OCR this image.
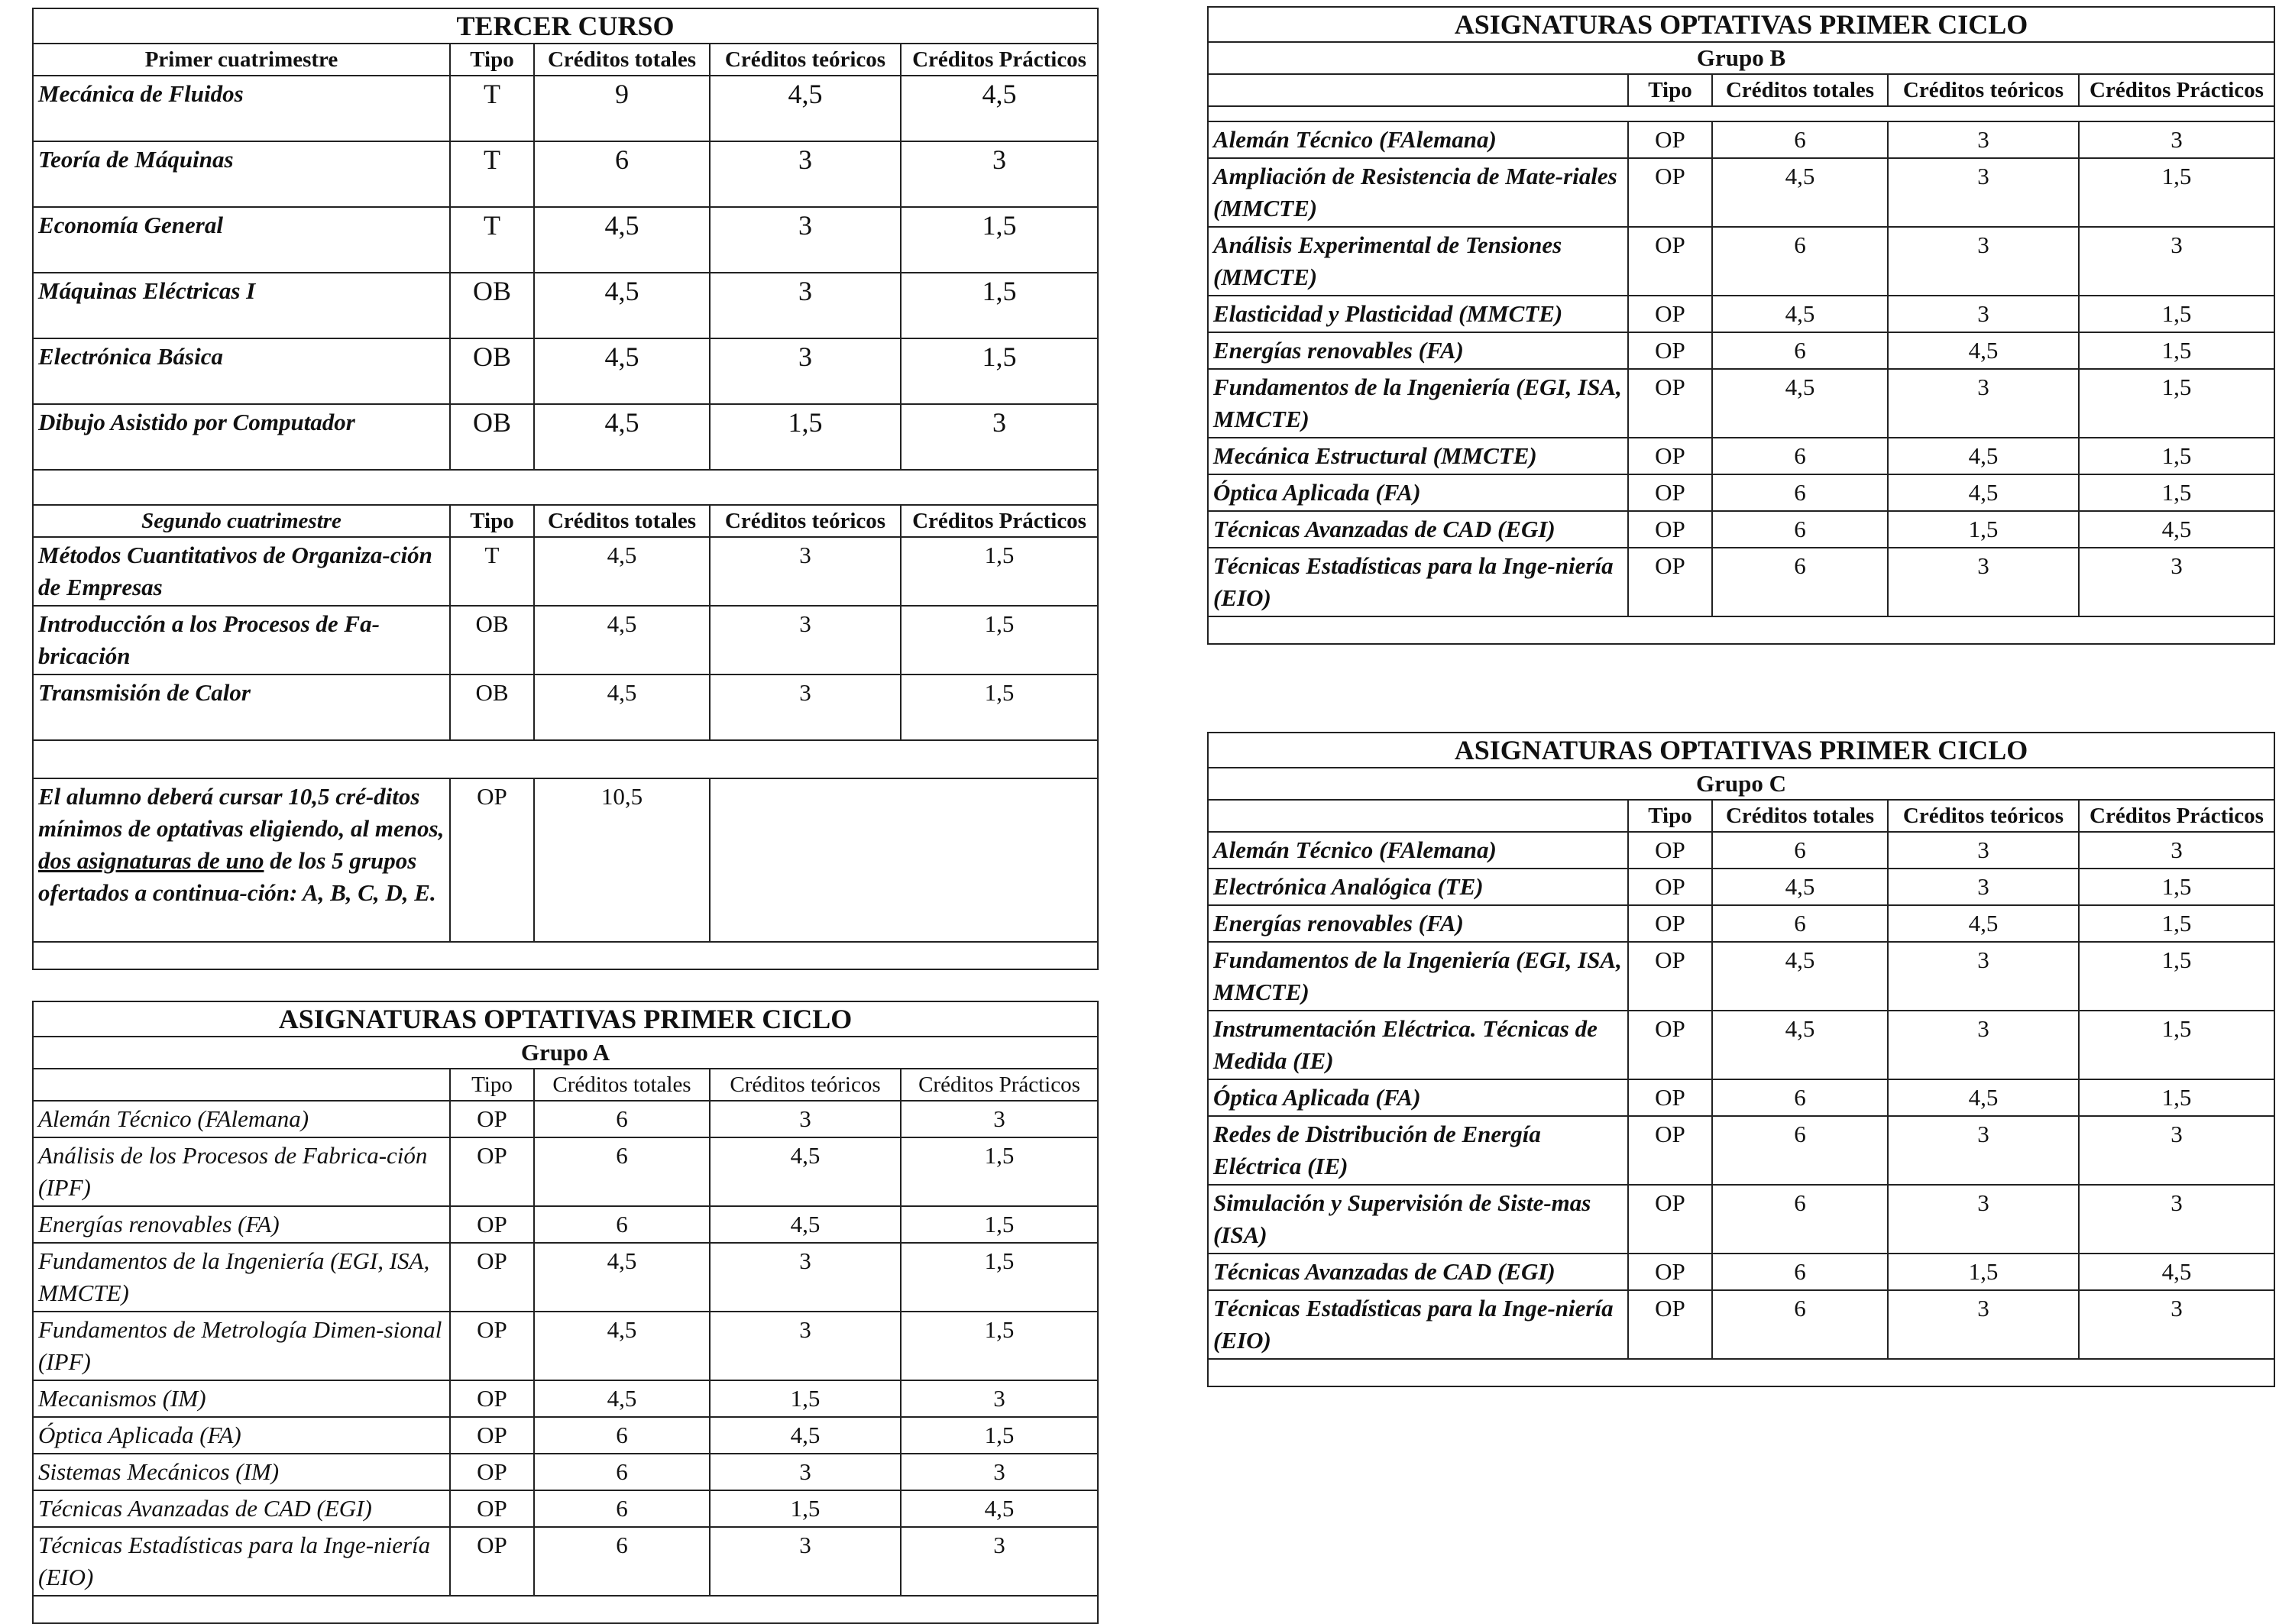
TERCER CURSO				
Primer cuatrimestre	Tipo	Créditos totales	Créditos teóricos	Créditos Prácticos
Mecánica de Fluidos	T	9	4,5	4,5
Teoría de Máquinas	T	6	3	3
Economía General	T	4,5	3	1,5
Máquinas Eléctricas I	OB	4,5	3	1,5
Electrónica Básica	OB	4,5	3	1,5
Dibujo Asistido por Computador	OB	4,5	1,5	3

Segundo cuatrimestre	Tipo	Créditos totales	Créditos teóricos	Créditos Prácticos
Métodos Cuantitativos de Organiza-ción de Empresas	T	4,5	3	1,5
Introducción a los Procesos de Fa-bricación	OB	4,5	3	1,5
Transmisión de Calor	OB	4,5	3	1,5

El alumno deberá cursar 10,5 cré-ditos mínimos de optativas eligiendo, al menos, dos asignaturas de uno de los 5 grupos ofertados a continua-ción: A, B, C, D, E.	OP	10,5		

ASIGNATURAS OPTATIVAS PRIMER CICLO				
Grupo A				
	Tipo	Créditos totales	Créditos teóricos	Créditos Prácticos
Alemán Técnico (FAlemana)	OP	6	3	3
Análisis de los Procesos de Fabrica-ción (IPF)	OP	6	4,5	1,5
Energías renovables (FA)	OP	6	4,5	1,5
Fundamentos de la Ingeniería (EGI, ISA, MMCTE)	OP	4,5	3	1,5
Fundamentos de Metrología Dimen-sional (IPF)	OP	4,5	3	1,5
Mecanismos (IM)	OP	4,5	1,5	3
Óptica Aplicada (FA)	OP	6	4,5	1,5
Sistemas Mecánicos (IM)	OP	6	3	3
Técnicas Avanzadas de CAD (EGI)	OP	6	1,5	4,5
Técnicas Estadísticas para la Inge-niería (EIO)	OP	6	3	3

ASIGNATURAS OPTATIVAS PRIMER CICLO				
Grupo B				
	Tipo	Créditos totales	Créditos teóricos	Créditos Prácticos

Alemán Técnico (FAlemana)	OP	6	3	3
Ampliación de Resistencia de Mate-riales (MMCTE)	OP	4,5	3	1,5
Análisis Experimental de Tensiones (MMCTE)	OP	6	3	3
Elasticidad y Plasticidad (MMCTE)	OP	4,5	3	1,5
Energías renovables (FA)	OP	6	4,5	1,5
Fundamentos de la Ingeniería (EGI, ISA, MMCTE)	OP	4,5	3	1,5
Mecánica Estructural (MMCTE)	OP	6	4,5	1,5
Óptica Aplicada (FA)	OP	6	4,5	1,5
Técnicas Avanzadas de CAD (EGI)	OP	6	1,5	4,5
Técnicas Estadísticas para la Inge-niería (EIO)	OP	6	3	3

ASIGNATURAS OPTATIVAS PRIMER CICLO				
Grupo C				
	Tipo	Créditos totales	Créditos teóricos	Créditos Prácticos
Alemán Técnico (FAlemana)	OP	6	3	3
Electrónica Analógica (TE)	OP	4,5	3	1,5
Energías renovables (FA)	OP	6	4,5	1,5
Fundamentos de la Ingeniería (EGI, ISA, MMCTE)	OP	4,5	3	1,5
Instrumentación Eléctrica. Técnicas de Medida (IE)	OP	4,5	3	1,5
Óptica Aplicada (FA)	OP	6	4,5	1,5
Redes de Distribución de Energía Eléctrica (IE)	OP	6	3	3
Simulación y Supervisión de Siste-mas (ISA)	OP	6	3	3
Técnicas Avanzadas de CAD (EGI)	OP	6	1,5	4,5
Técnicas Estadísticas para la Inge-niería (EIO)	OP	6	3	3
